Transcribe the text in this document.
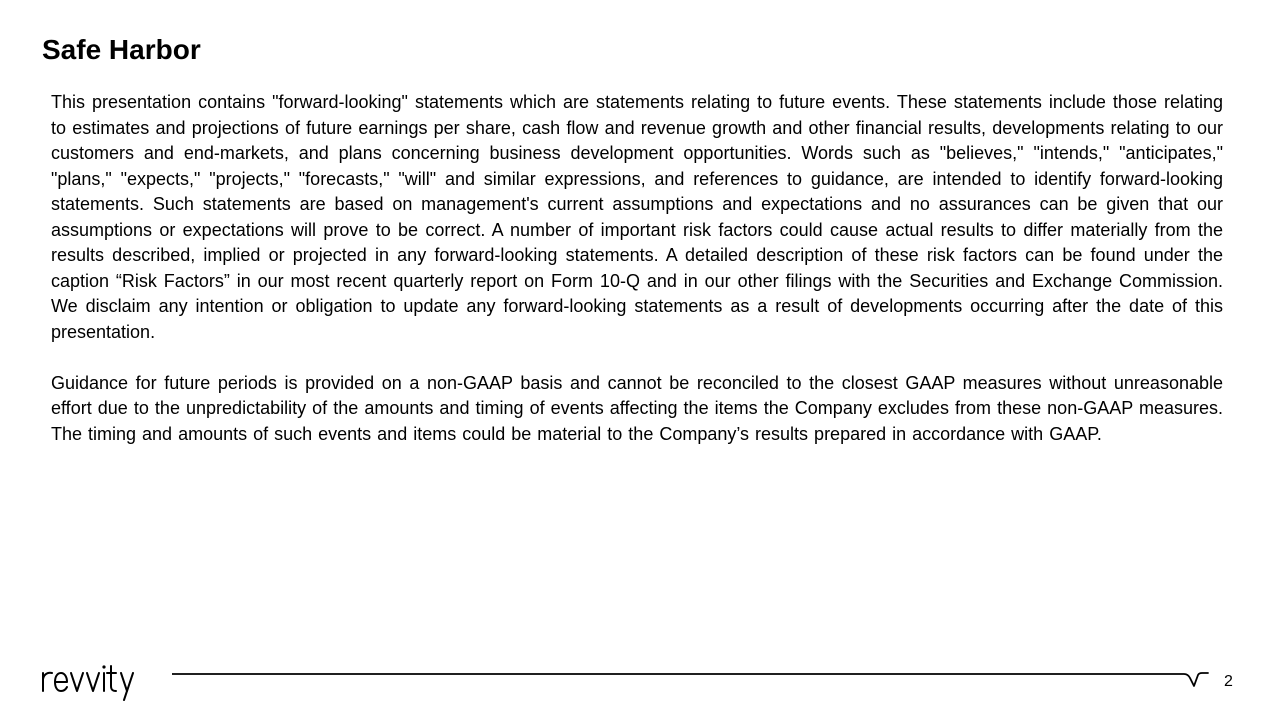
Safe Harbor

This presentation contains "forward-looking" statements which are statements relating to future events. These statements include those relating to estimates and projections of future earnings per share, cash flow and revenue growth and other financial results, developments relating to our customers and end-markets, and plans concerning business development opportunities. Words such as "believes," "intends," "anticipates," "plans," "expects," "projects," "forecasts," "will" and similar expressions, and references to guidance, are intended to identify forward-looking statements. Such statements are based on management's current assumptions and expectations and no assurances can be given that our assumptions or expectations will prove to be correct. A number of important risk factors could cause actual results to differ materially from the results described, implied or projected in any forward-looking statements. A detailed description of these risk factors can be found under the caption “Risk Factors” in our most recent quarterly report on Form 10-Q and in our other filings with the Securities and Exchange Commission. We disclaim any intention or obligation to update any forward-looking statements as a result of developments occurring after the date of this presentation.

Guidance for future periods is provided on a non-GAAP basis and cannot be reconciled to the closest GAAP measures without unreasonable effort due to the unpredictability of the amounts and timing of events affecting the items the Company excludes from these non-GAAP measures. The timing and amounts of such events and items could be material to the Company’s results prepared in accordance with GAAP.

2
